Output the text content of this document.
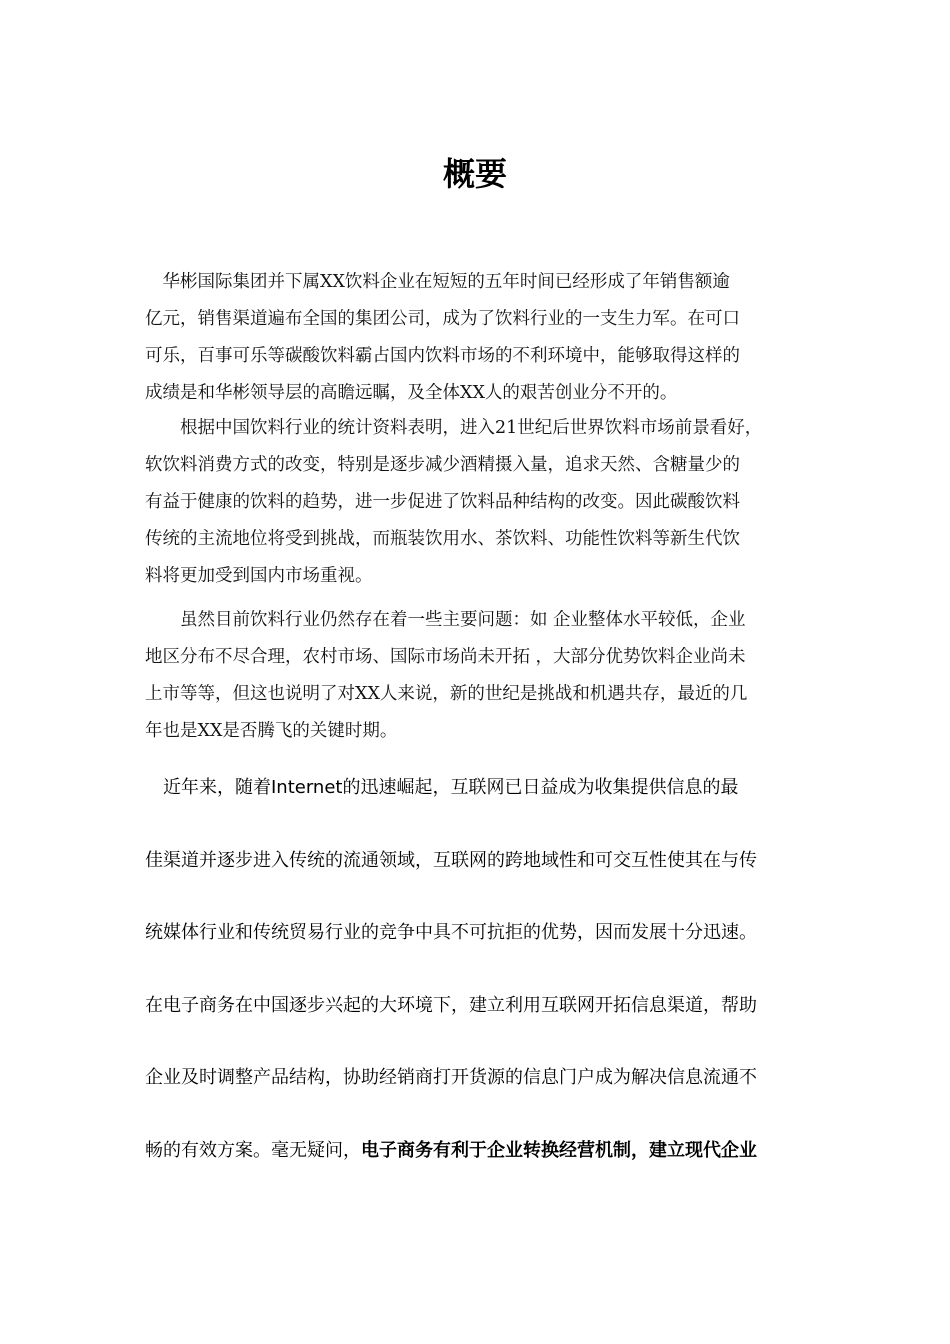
概要
　华彬国际集团并下属XX饮料企业在短短的五年时间已经形成了年销售额逾
亿元，销售渠道遍布全国的集团公司，成为了饮料行业的一支生力军。在可口
可乐，百事可乐等碳酸饮料霸占国内饮料市场的不利环境中，能够取得这样的
成绩是和华彬领导层的高瞻远瞩，及全体XX人的艰苦创业分不开的。
　　根据中国饮料行业的统计资料表明，进入21世纪后世界饮料市场前景看好，
软饮料消费方式的改变，特别是逐步减少酒精摄入量，追求天然、含糖量少的
有益于健康的饮料的趋势，进一步促进了饮料品种结构的改变。因此碳酸饮料
传统的主流地位将受到挑战，而瓶装饮用水、茶饮料、功能性饮料等新生代饮
料将更加受到国内市场重视。
　　虽然目前饮料行业仍然存在着一些主要问题：如 企业整体水平较低，企业
地区分布不尽合理，农村市场、国际市场尚未开拓 ，大部分优势饮料企业尚未
上市等等，但这也说明了对XX人来说，新的世纪是挑战和机遇共存，最近的几
年也是XX是否腾飞的关键时期。
　近年来，随着Internet的迅速崛起，互联网已日益成为收集提供信息的最
佳渠道并逐步进入传统的流通领域，互联网的跨地域性和可交互性使其在与传
统媒体行业和传统贸易行业的竞争中具不可抗拒的优势，因而发展十分迅速。
在电子商务在中国逐步兴起的大环境下，建立利用互联网开拓信息渠道，帮助
企业及时调整产品结构，协助经销商打开货源的信息门户成为解决信息流通不
畅的有效方案。毫无疑问，电子商务有利于企业转换经营机制，建立现代企业
